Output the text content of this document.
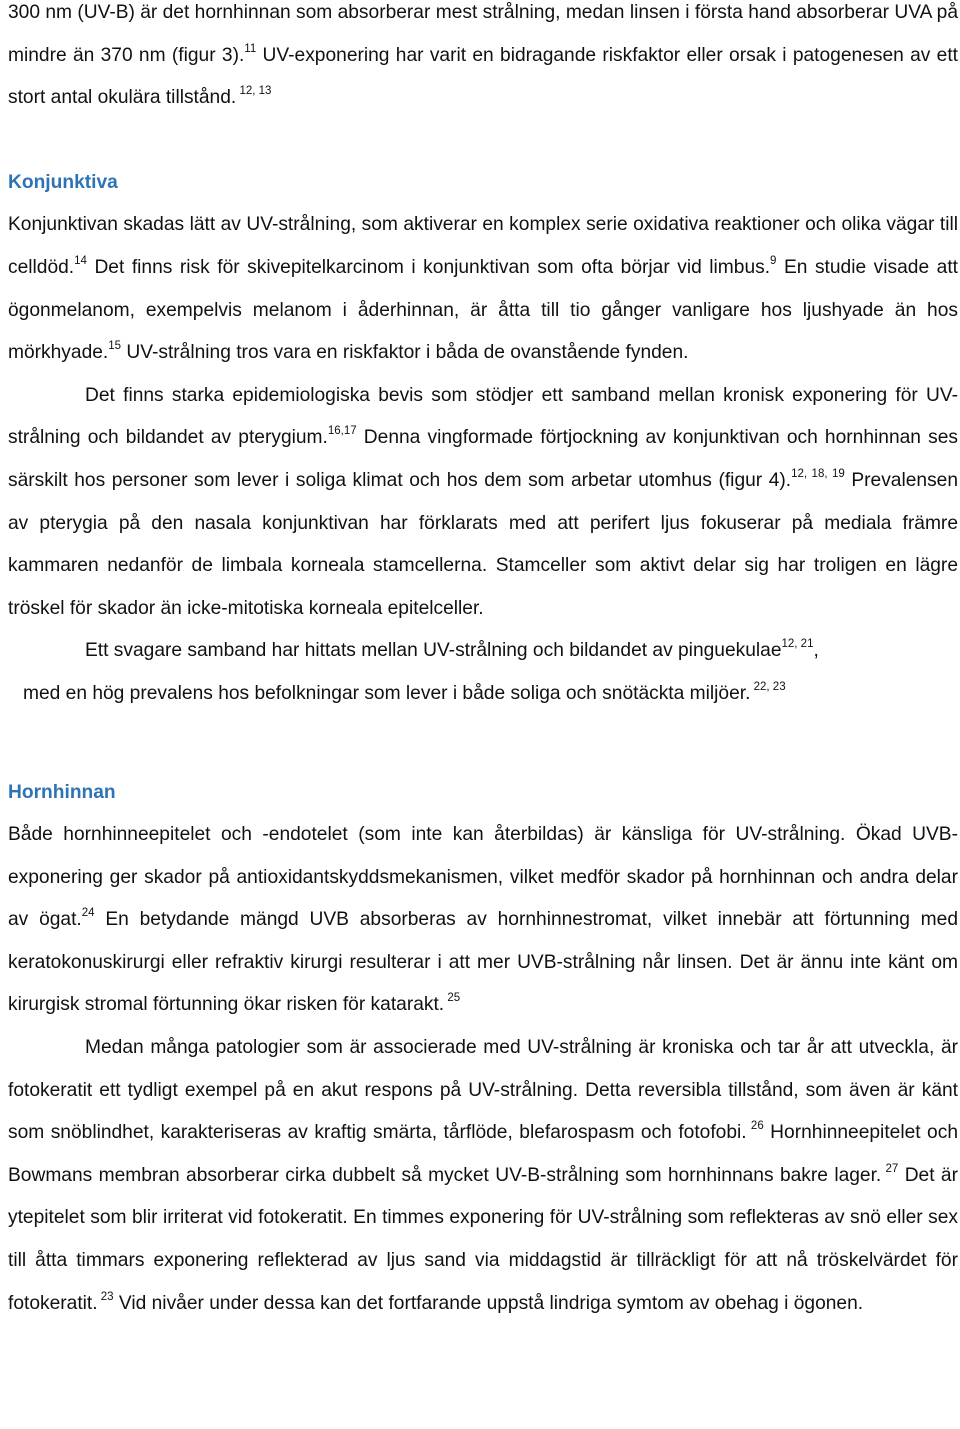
300 nm (UV-B) är det hornhinnan som absorberar mest strålning, medan linsen i första hand absorberar UVA på mindre än 370 nm (figur 3).$^{11}$ UV-exponering har varit en bidragande riskfaktor eller orsak i patogenesen av ett stort antal okulära tillstånd. $^{12, 13}$

Konjunktiva

Konjunktivan skadas lätt av UV-strålning, som aktiverar en komplex serie oxidativa reaktioner och olika vägar till celldöd.$^{14}$ Det finns risk för skivepitelkarcinom i konjunktivan som ofta börjar vid limbus.$^9$ En studie visade att ögonmelanom, exempelvis melanom i åderhinnan, är åtta till tio gånger vanligare hos ljushyade än hos mörkhyade.$^{15}$ UV-strålning tros vara en riskfaktor i båda de ovanstående fynden.

Det finns starka epidemiologiska bevis som stödjer ett samband mellan kronisk exponering för UV-strålning och bildandet av pterygium.$^{16,17}$ Denna vingformade förtjockning av konjunktivan och hornhinnan ses särskilt hos personer som lever i soliga klimat och hos dem som arbetar utomhus (figur 4).$^{12, 18, 19}$ Prevalensen av pterygia på den nasala konjunktivan har förklarats med att perifert ljus fokuserar på mediala främre kammaren nedanför de limbala korneala stamcellerna. Stamceller som aktivt delar sig har troligen en lägre tröskel för skador än icke-mitotiska korneala epitelceller.

Ett svagare samband har hittats mellan UV-strålning och bildandet av pinguekulae$^{12, 21}$,

med en hög prevalens hos befolkningar som lever i både soliga och snötäckta miljöer. $^{22, 23}$

Hornhinnan

Både hornhinneepitelet och -endotelet (som inte kan återbildas) är känsliga för UV-strålning. Ökad UVB-exponering ger skador på antioxidantskyddsmekanismen, vilket medför skador på hornhinnan och andra delar av ögat.$^{24}$ En betydande mängd UVB absorberas av hornhinnestromat, vilket innebär att förtunning med keratokonuskirurgi eller refraktiv kirurgi resulterar i att mer UVB-strålning når linsen. Det är ännu inte känt om kirurgisk stromal förtunning ökar risken för katarakt. $^{25}$

Medan många patologier som är associerade med UV-strålning är kroniska och tar år att utveckla, är fotokeratit ett tydligt exempel på en akut respons på UV-strålning. Detta reversibla tillstånd, som även är känt som snöblindhet, karakteriseras av kraftig smärta, tårflöde, blefarospasm och fotofobi. $^{26}$ Hornhinneepitelet och Bowmans membran absorberar cirka dubbelt så mycket UV-B-strålning som hornhinnans bakre lager. $^{27}$ Det är ytepitelet som blir irriterat vid fotokeratit. En timmes exponering för UV-strålning som reflekteras av snö eller sex till åtta timmars exponering reflekterad av ljus sand via middagstid är tillräckligt för att nå tröskelvärdet för fotokeratit. $^{23}$ Vid nivåer under dessa kan det fortfarande uppstå lindriga symtom av obehag i ögonen.
